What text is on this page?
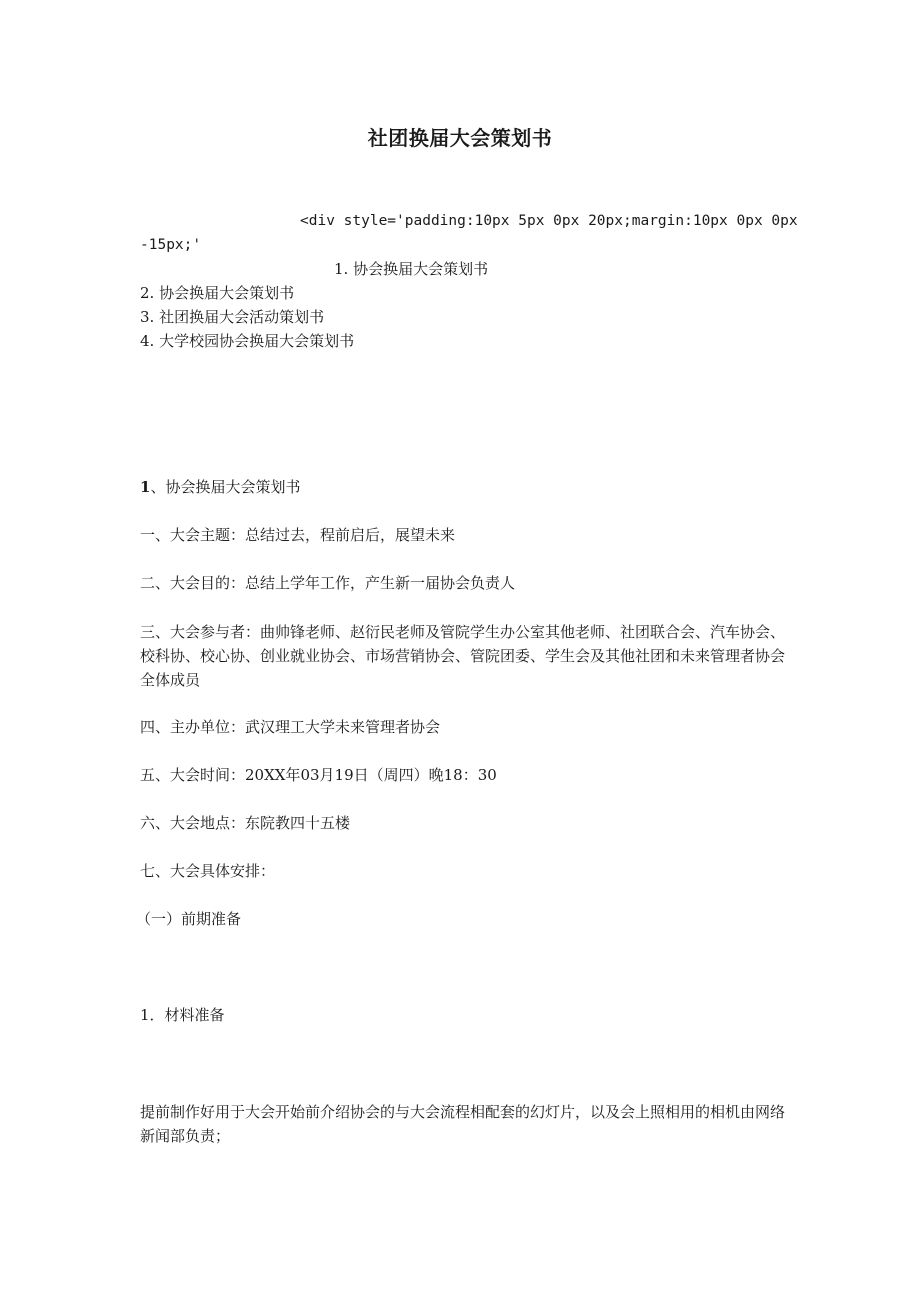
社团换届大会策划书
<div style='padding:10px 5px 0px 20px;margin:10px 0px 0px
-15px;'
1. 协会换届大会策划书
2. 协会换届大会策划书
3. 社团换届大会活动策划书
4. 大学校园协会换届大会策划书
1、协会换届大会策划书
一、大会主题：总结过去，程前启后，展望未来
二、大会目的：总结上学年工作，产生新一届协会负责人
三、大会参与者：曲帅锋老师、赵衍民老师及管院学生办公室其他老师、社团联合会、汽车协会、校科协、校心协、创业就业协会、市场营销协会、管院团委、学生会及其他社团和未来管理者协会全体成员
四、主办单位：武汉理工大学未来管理者协会
五、大会时间：20XX年03月19日（周四）晚18：30
六、大会地点：东院教四十五楼
七、大会具体安排：
（一）前期准备
1．材料准备
提前制作好用于大会开始前介绍协会的与大会流程相配套的幻灯片，以及会上照相用的相机由网络新闻部负责；
